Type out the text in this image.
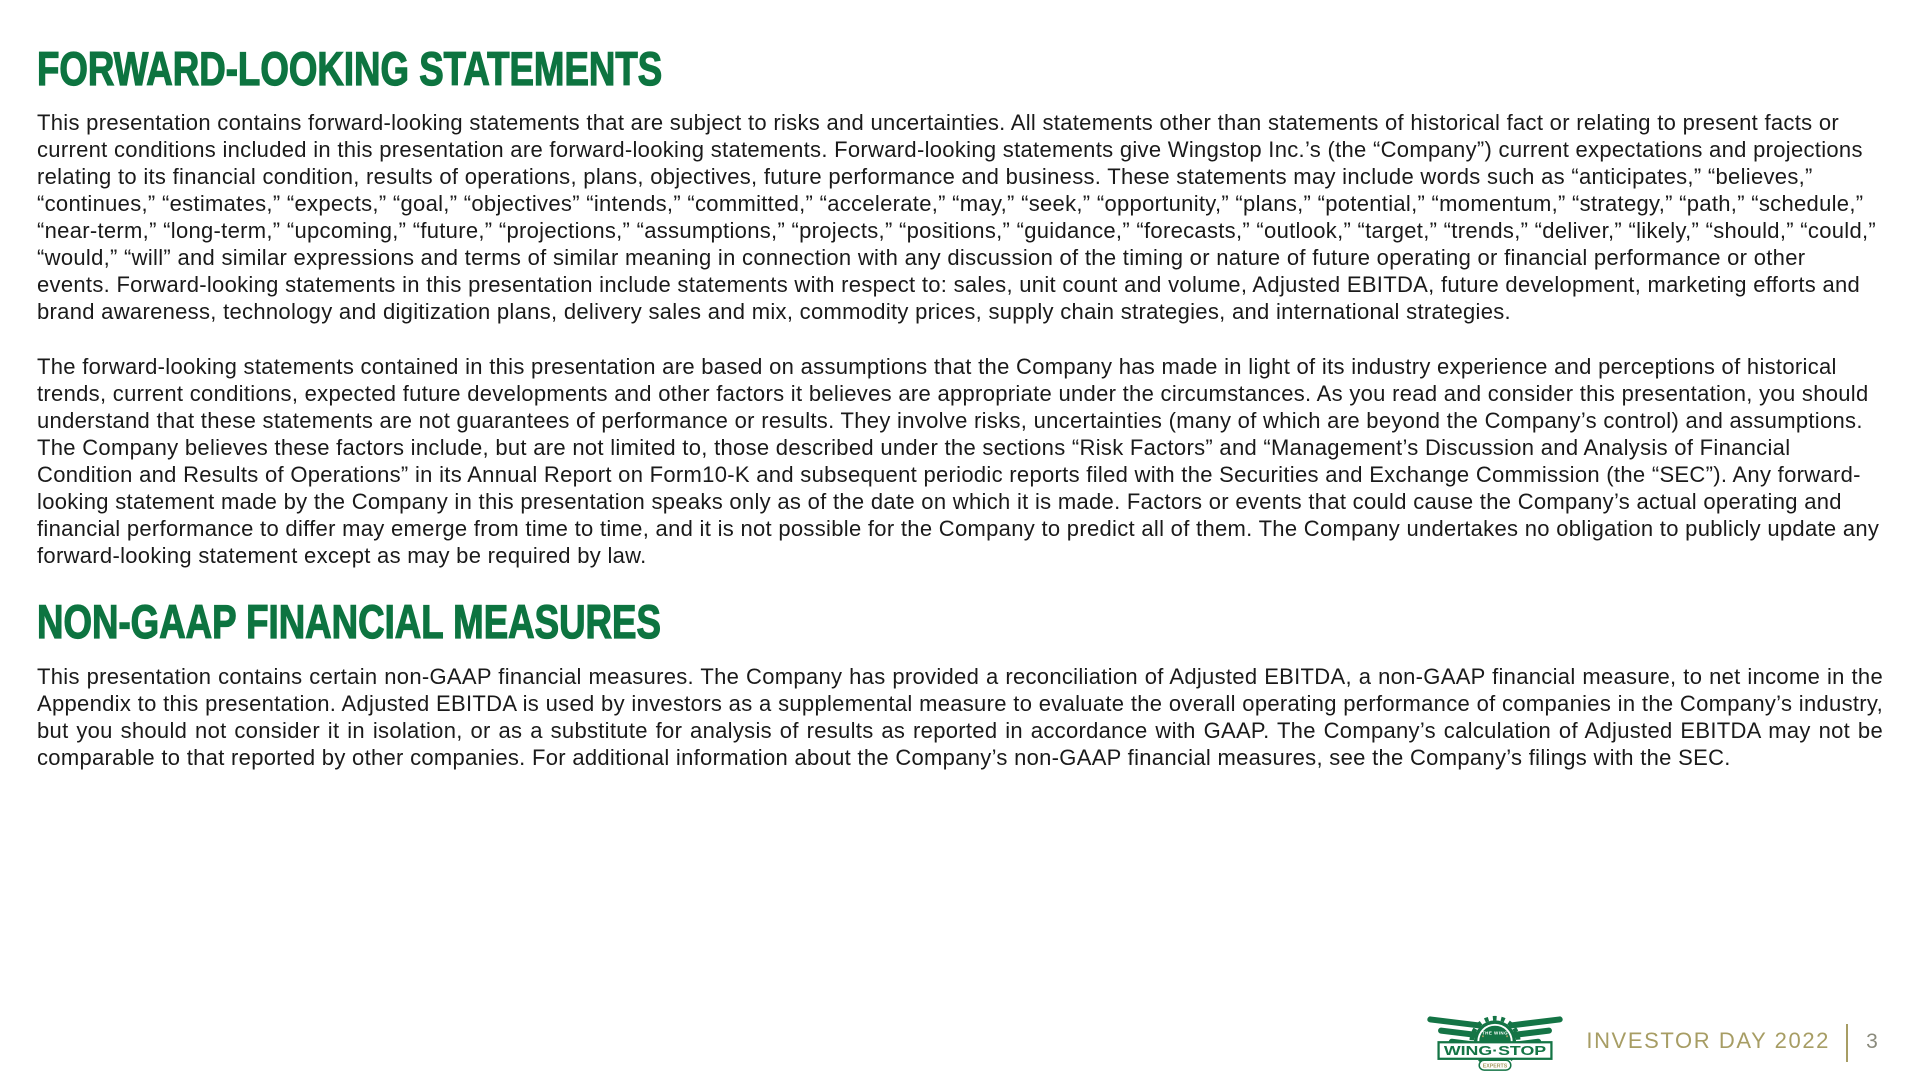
FORWARD-LOOKING STATEMENTS

This presentation contains forward-looking statements that are subject to risks and uncertainties. All statements other than statements of historical fact or relating to present facts or current conditions included in this presentation are forward-looking statements. Forward-looking statements give Wingstop Inc.’s (the “Company”) current expectations and projections relating to its financial condition, results of operations, plans, objectives, future performance and business. These statements may include words such as “anticipates,” “believes,” “continues,” “estimates,” “expects,” “goal,” “objectives” “intends,” “committed,” “accelerate,” “may,” “seek,” “opportunity,” “plans,” “potential,” “momentum,” “strategy,” “path,” “schedule,” “near-term,” “long-term,” “upcoming,” “future,” “projections,” “assumptions,” “projects,” “positions,” “guidance,” “forecasts,” “outlook,” “target,” “trends,” “deliver,” “likely,” “should,” “could,” “would,” “will” and similar expressions and terms of similar meaning in connection with any discussion of the timing or nature of future operating or financial performance or other events. Forward-looking statements in this presentation include statements with respect to: sales, unit count and volume, Adjusted EBITDA, future development, marketing efforts and brand awareness, technology and digitization plans, delivery sales and mix, commodity prices, supply chain strategies, and international strategies.

The forward-looking statements contained in this presentation are based on assumptions that the Company has made in light of its industry experience and perceptions of historical trends, current conditions, expected future developments and other factors it believes are appropriate under the circumstances. As you read and consider this presentation, you should understand that these statements are not guarantees of performance or results. They involve risks, uncertainties (many of which are beyond the Company’s control) and assumptions. The Company believes these factors include, but are not limited to, those described under the sections “Risk Factors” and “Management’s Discussion and Analysis of Financial Condition and Results of Operations” in its Annual Report on Form10-K and subsequent periodic reports filed with the Securities and Exchange Commission (the “SEC”). Any forward-looking statement made by the Company in this presentation speaks only as of the date on which it is made. Factors or events that could cause the Company’s actual operating and financial performance to differ may emerge from time to time, and it is not possible for the Company to predict all of them. The Company undertakes no obligation to publicly update any forward-looking statement except as may be required by law.

NON-GAAP FINANCIAL MEASURES

This presentation contains certain non-GAAP financial measures. The Company has provided a reconciliation of Adjusted EBITDA, a non-GAAP financial measure, to net income in the Appendix to this presentation. Adjusted EBITDA is used by investors as a supplemental measure to evaluate the overall operating performance of companies in the Company’s industry, but you should not consider it in isolation, or as a substitute for analysis of results as reported in accordance with GAAP. The Company’s calculation of Adjusted EBITDA may not be comparable to that reported by other companies. For additional information about the Company’s non-GAAP financial measures, see the Company’s filings with the SEC.

THE WING
WING·STOP
EXPERTS
INVESTOR DAY 2022 3
